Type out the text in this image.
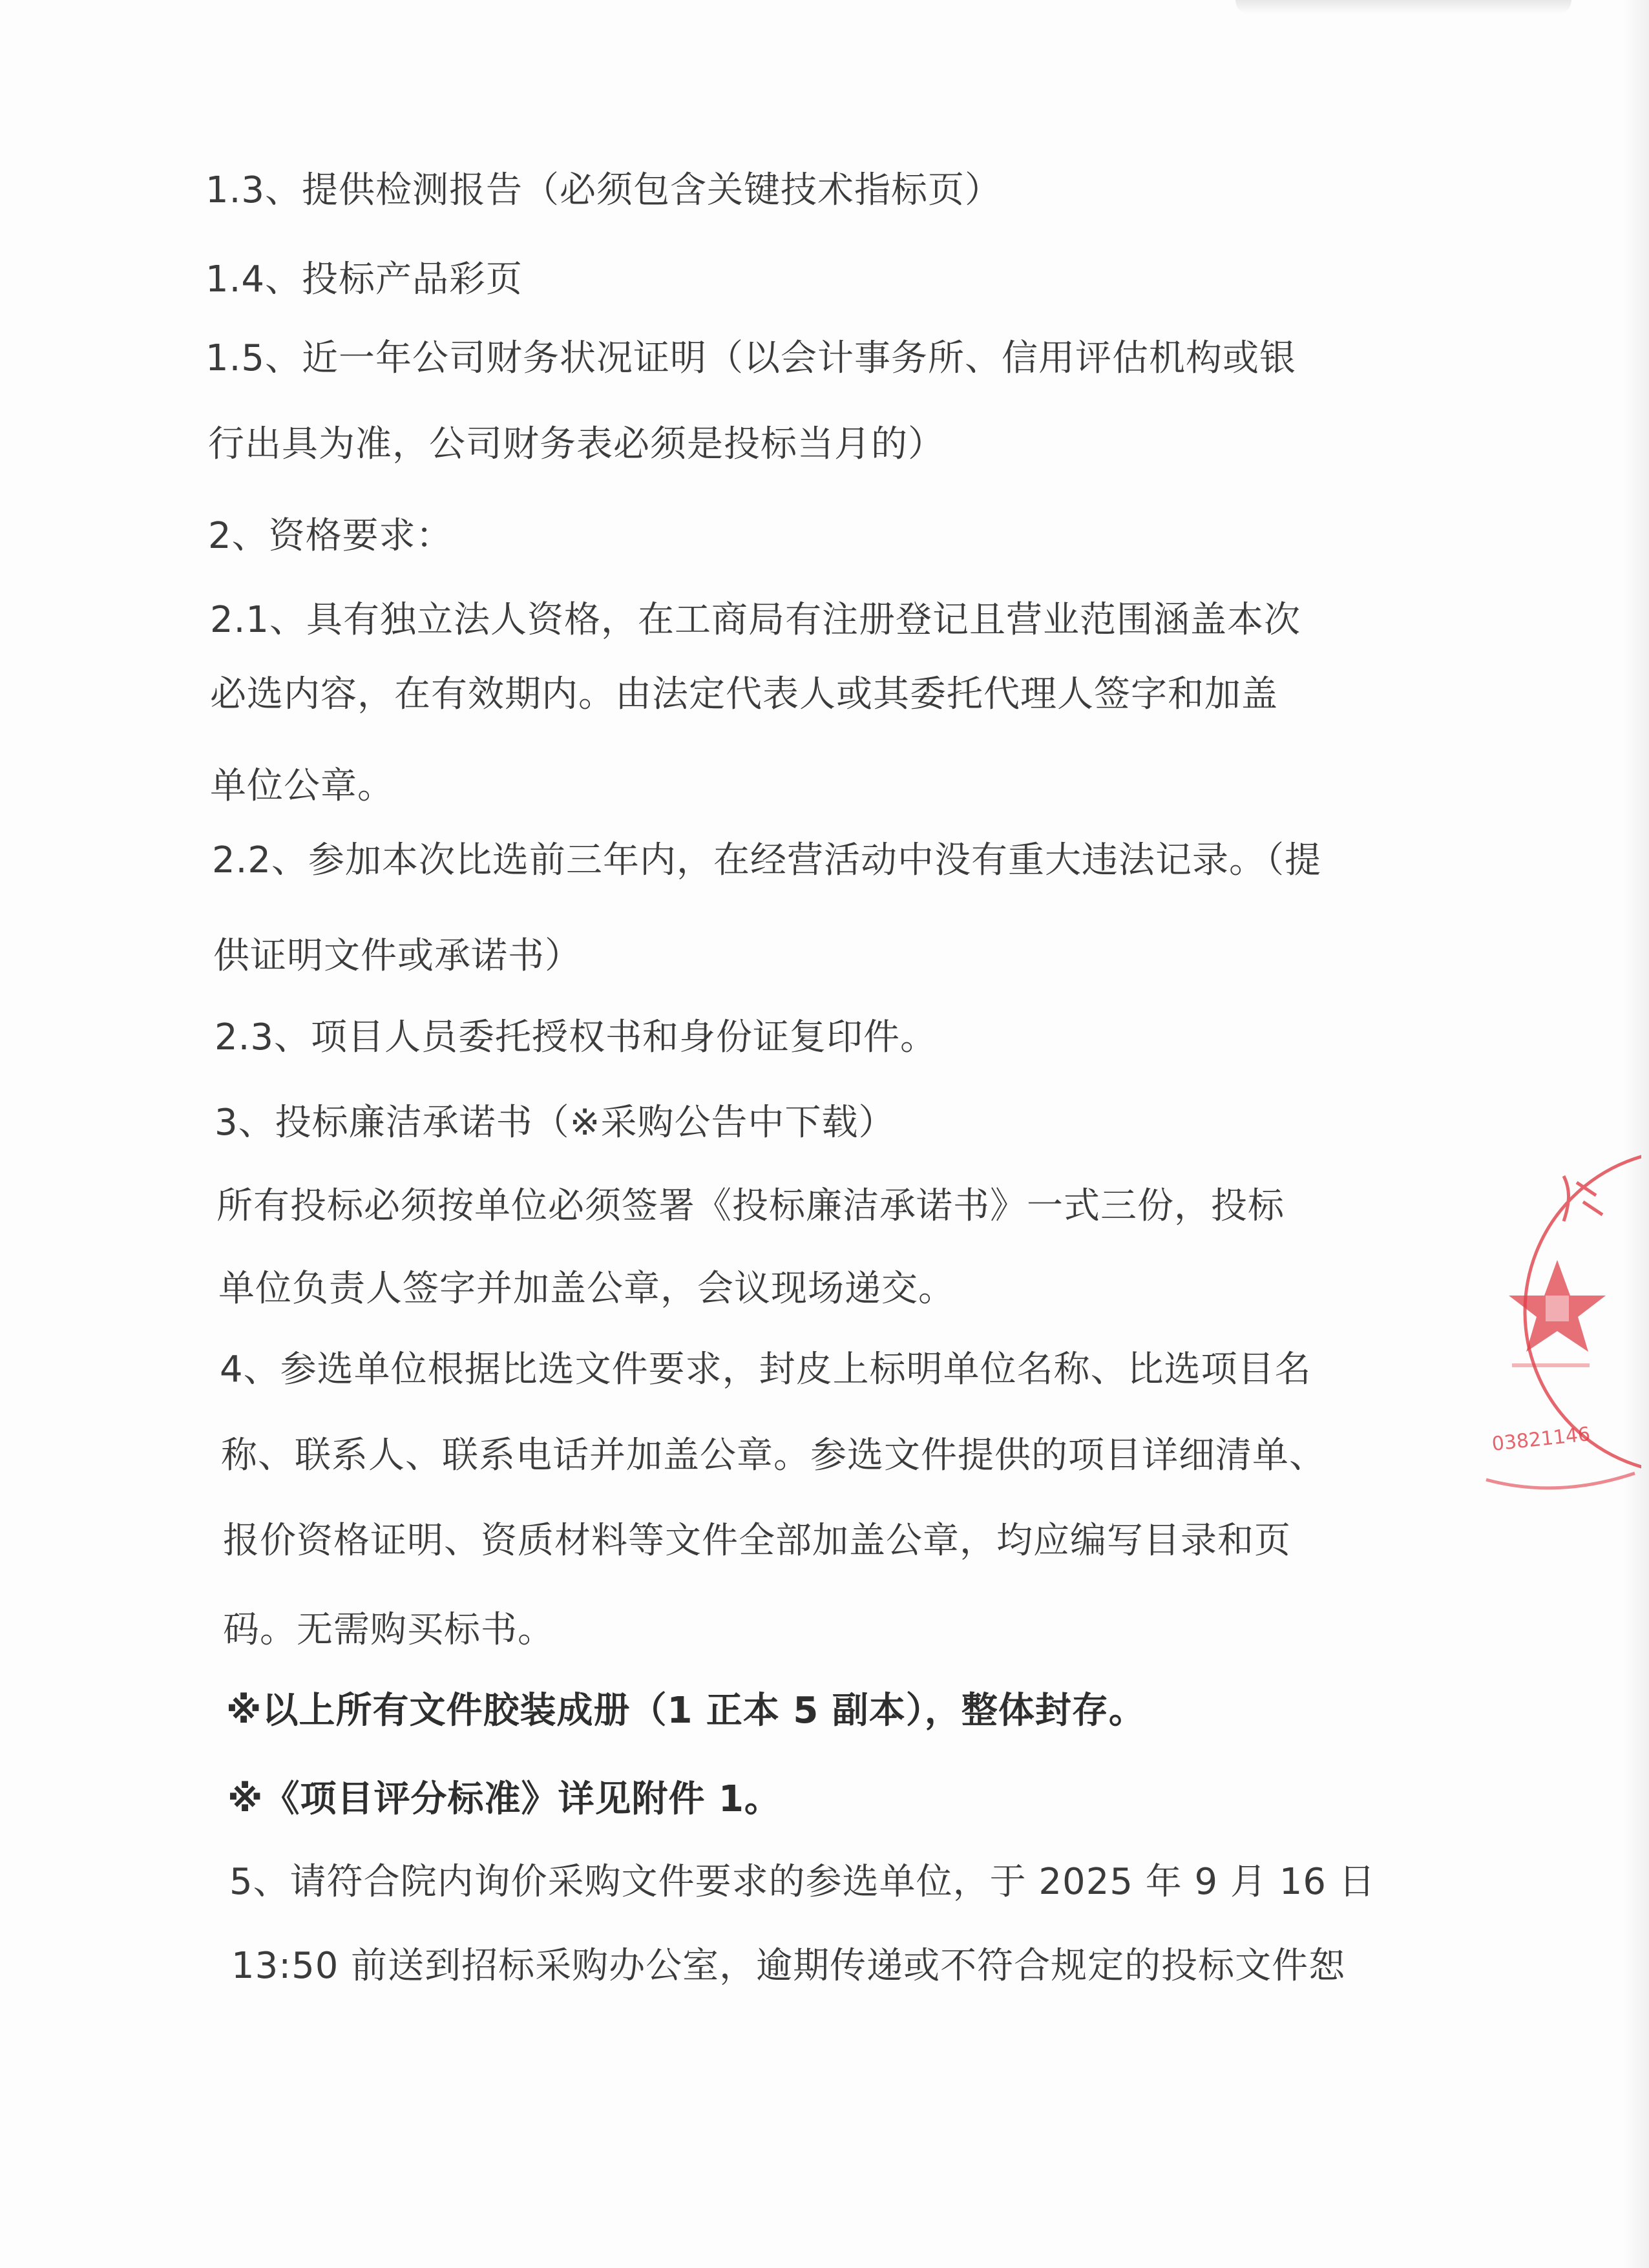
1.3、提供检测报告（必须包含关键技术指标页）
1.4、投标产品彩页
1.5、近一年公司财务状况证明（以会计事务所、信用评估机构或银
行出具为准，公司财务表必须是投标当月的）
2、资格要求：
2.1、具有独立法人资格，在工商局有注册登记且营业范围涵盖本次
必选内容，在有效期内。由法定代表人或其委托代理人签字和加盖
单位公章。
2.2、参加本次比选前三年内，在经营活动中没有重大违法记录。（提
供证明文件或承诺书）
2.3、项目人员委托授权书和身份证复印件。
3、投标廉洁承诺书（※采购公告中下载）
所有投标必须按单位必须签署《投标廉洁承诺书》一式三份，投标
单位负责人签字并加盖公章，会议现场递交。
4、参选单位根据比选文件要求，封皮上标明单位名称、比选项目名
称、联系人、联系电话并加盖公章。参选文件提供的项目详细清单、
报价资格证明、资质材料等文件全部加盖公章，均应编写目录和页
码。无需购买标书。
※以上所有文件胶装成册（1 正本 5 副本），整体封存。
※《项目评分标准》详见附件 1。
5、请符合院内询价采购文件要求的参选单位，于 2025 年 9 月 16 日
13:50 前送到招标采购办公室，逾期传递或不符合规定的投标文件恕
03821146
